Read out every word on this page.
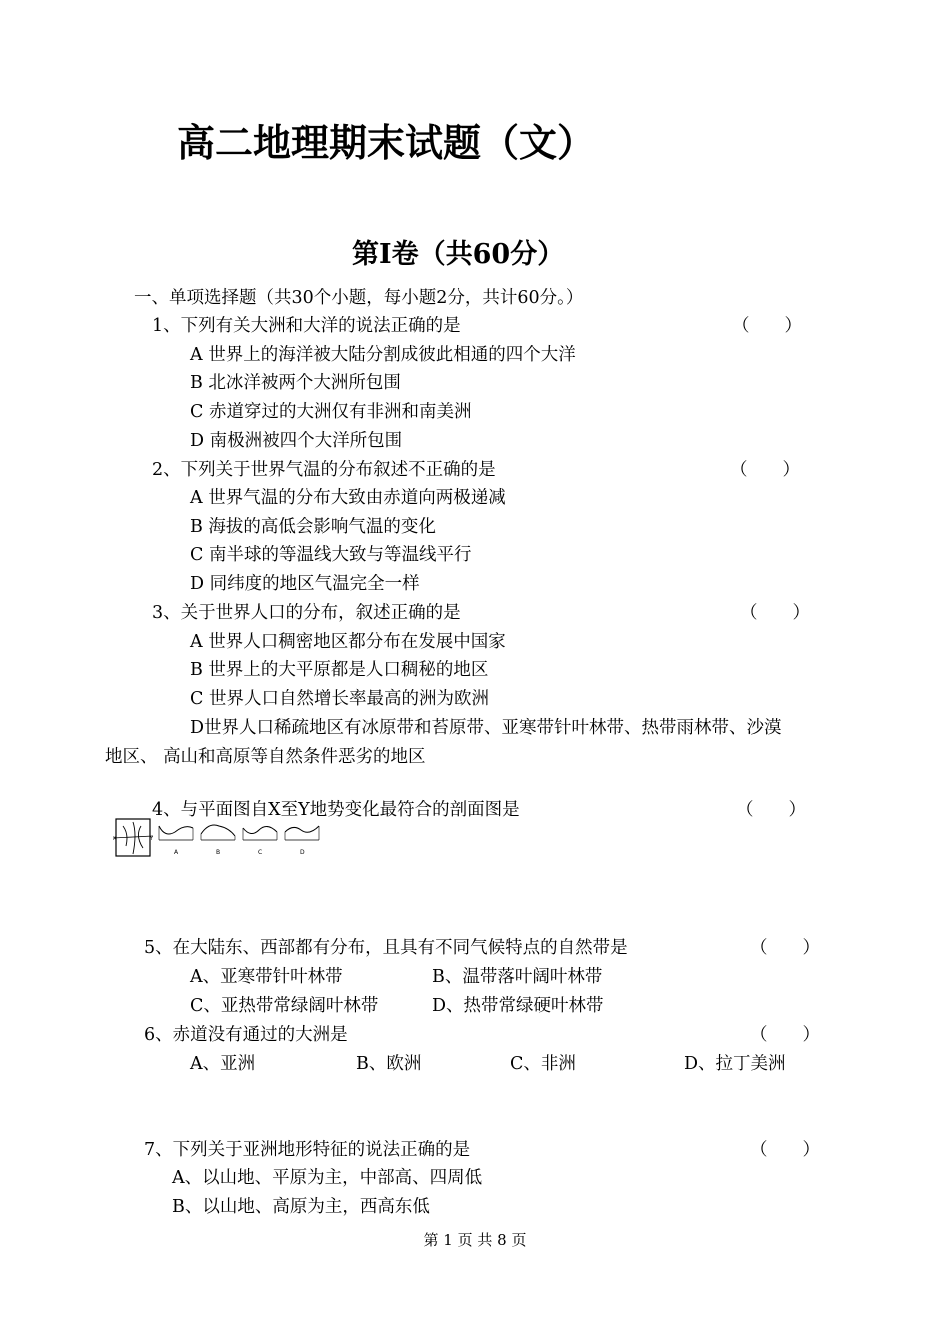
高二地理期末试题（文）
第Ⅰ卷（共60分）
一、单项选择题（共30个小题，每小题2分，共计60分。）
1、下列有关大洲和大洋的说法正确的是	（　　）
A 世界上的海洋被大陆分割成彼此相通的四个大洋
B 北冰洋被两个大洲所包围
C 赤道穿过的大洲仅有非洲和南美洲
D 南极洲被四个大洋所包围
2、下列关于世界气温的分布叙述不正确的是	（　　）
A 世界气温的分布大致由赤道向两极递减
B 海拔的高低会影响气温的变化
C 南半球的等温线大致与等温线平行
D 同纬度的地区气温完全一样
3、关于世界人口的分布，叙述正确的是	（　　）
A 世界人口稠密地区都分布在发展中国家
B 世界上的大平原都是人口稠秘的地区
C 世界人口自然增长率最高的洲为欧洲
D世界人口稀疏地区有冰原带和苔原带、亚寒带针叶林带、热带雨林带、沙漠
地区、 高山和高原等自然条件恶劣的地区
4、与平面图自X至Y地势变化最符合的剖面图是	（　　）
X	Y
A	B	C	D
5、在大陆东、西部都有分布，且具有不同气候特点的自然带是	（　　）
A、亚寒带针叶林带	B、温带落叶阔叶林带
C、亚热带常绿阔叶林带	D、热带常绿硬叶林带
6、赤道没有通过的大洲是	（　　）
A、亚洲	B、欧洲	C、非洲	D、拉丁美洲
7、下列关于亚洲地形特征的说法正确的是	（　　）
A、以山地、平原为主，中部高、四周低
B、以山地、高原为主，西高东低
第 1 页 共 8 页
